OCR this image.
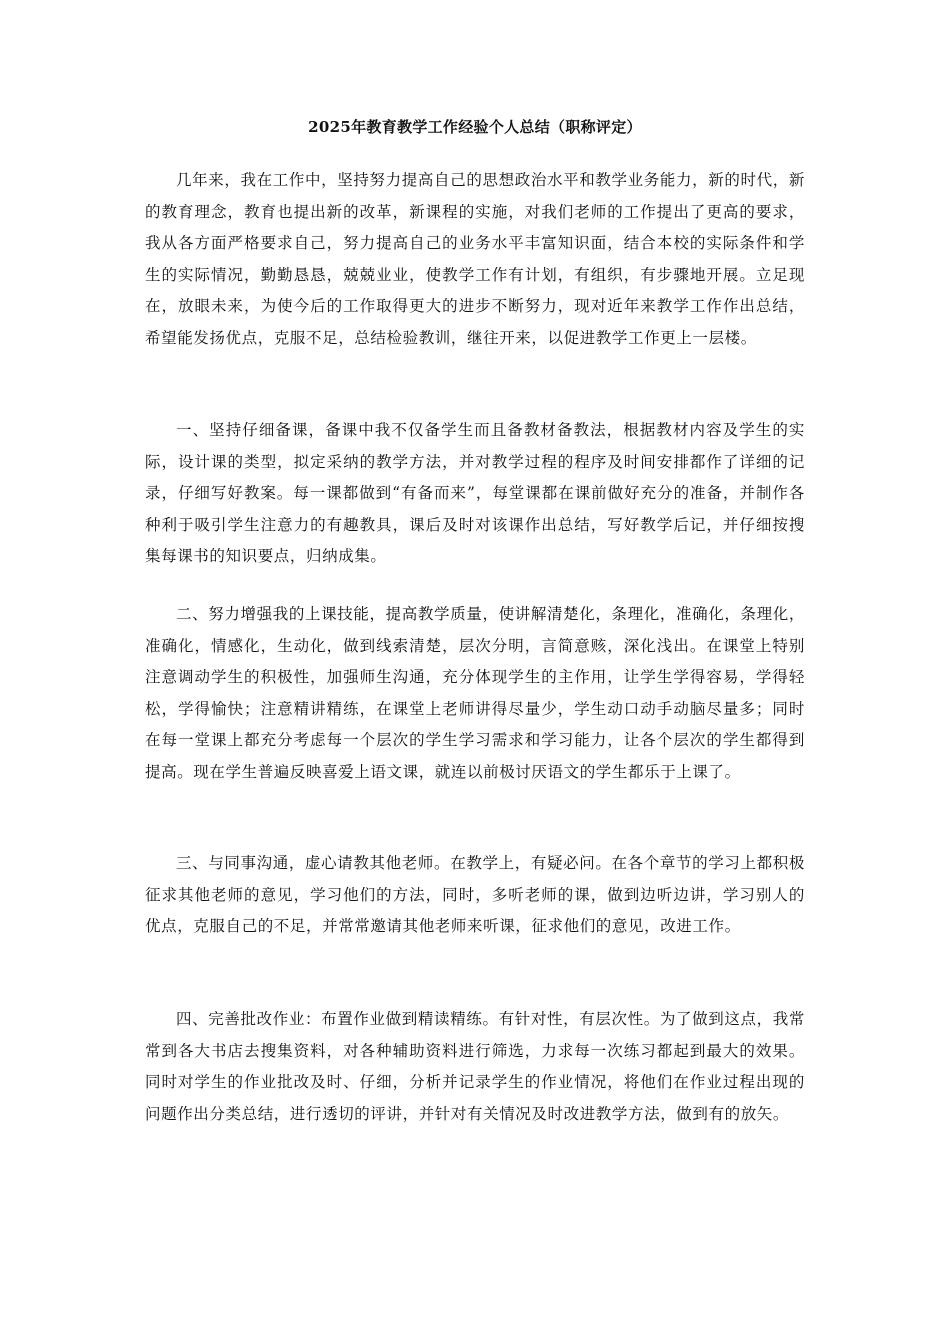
2025年教育教学工作经验个人总结（职称评定）

几年来，我在工作中，坚持努力提高自己的思想政治水平和教学业务能力，新的时代，新的教育理念，教育也提出新的改革，新课程的实施，对我们老师的工作提出了更高的要求，我从各方面严格要求自己，努力提高自己的业务水平丰富知识面，结合本校的实际条件和学生的实际情况，勤勤恳恳，兢兢业业，使教学工作有计划，有组织，有步骤地开展。立足现在，放眼未来，为使今后的工作取得更大的进步不断努力，现对近年来教学工作作出总结，希望能发扬优点，克服不足，总结检验教训，继往开来，以促进教学工作更上一层楼。

一、坚持仔细备课，备课中我不仅备学生而且备教材备教法，根据教材内容及学生的实际，设计课的类型，拟定采纳的教学方法，并对教学过程的程序及时间安排都作了详细的记录，仔细写好教案。每一课都做到“有备而来”，每堂课都在课前做好充分的准备，并制作各种利于吸引学生注意力的有趣教具，课后及时对该课作出总结，写好教学后记，并仔细按搜集每课书的知识要点，归纳成集。

二、努力增强我的上课技能，提高教学质量，使讲解清楚化，条理化，准确化，条理化，准确化，情感化，生动化，做到线索清楚，层次分明，言简意赅，深化浅出。在课堂上特别注意调动学生的积极性，加强师生沟通，充分体现学生的主作用，让学生学得容易，学得轻松，学得愉快；注意精讲精练，在课堂上老师讲得尽量少，学生动口动手动脑尽量多；同时在每一堂课上都充分考虑每一个层次的学生学习需求和学习能力，让各个层次的学生都得到提高。现在学生普遍反映喜爱上语文课，就连以前极讨厌语文的学生都乐于上课了。

三、与同事沟通，虚心请教其他老师。在教学上，有疑必问。在各个章节的学习上都积极征求其他老师的意见，学习他们的方法，同时，多听老师的课，做到边听边讲，学习别人的优点，克服自己的不足，并常常邀请其他老师来听课，征求他们的意见，改进工作。

四、完善批改作业：布置作业做到精读精练。有针对性，有层次性。为了做到这点，我常常到各大书店去搜集资料，对各种辅助资料进行筛选，力求每一次练习都起到最大的效果。同时对学生的作业批改及时、仔细，分析并记录学生的作业情况，将他们在作业过程出现的问题作出分类总结，进行透切的评讲，并针对有关情况及时改进教学方法，做到有的放矢。
